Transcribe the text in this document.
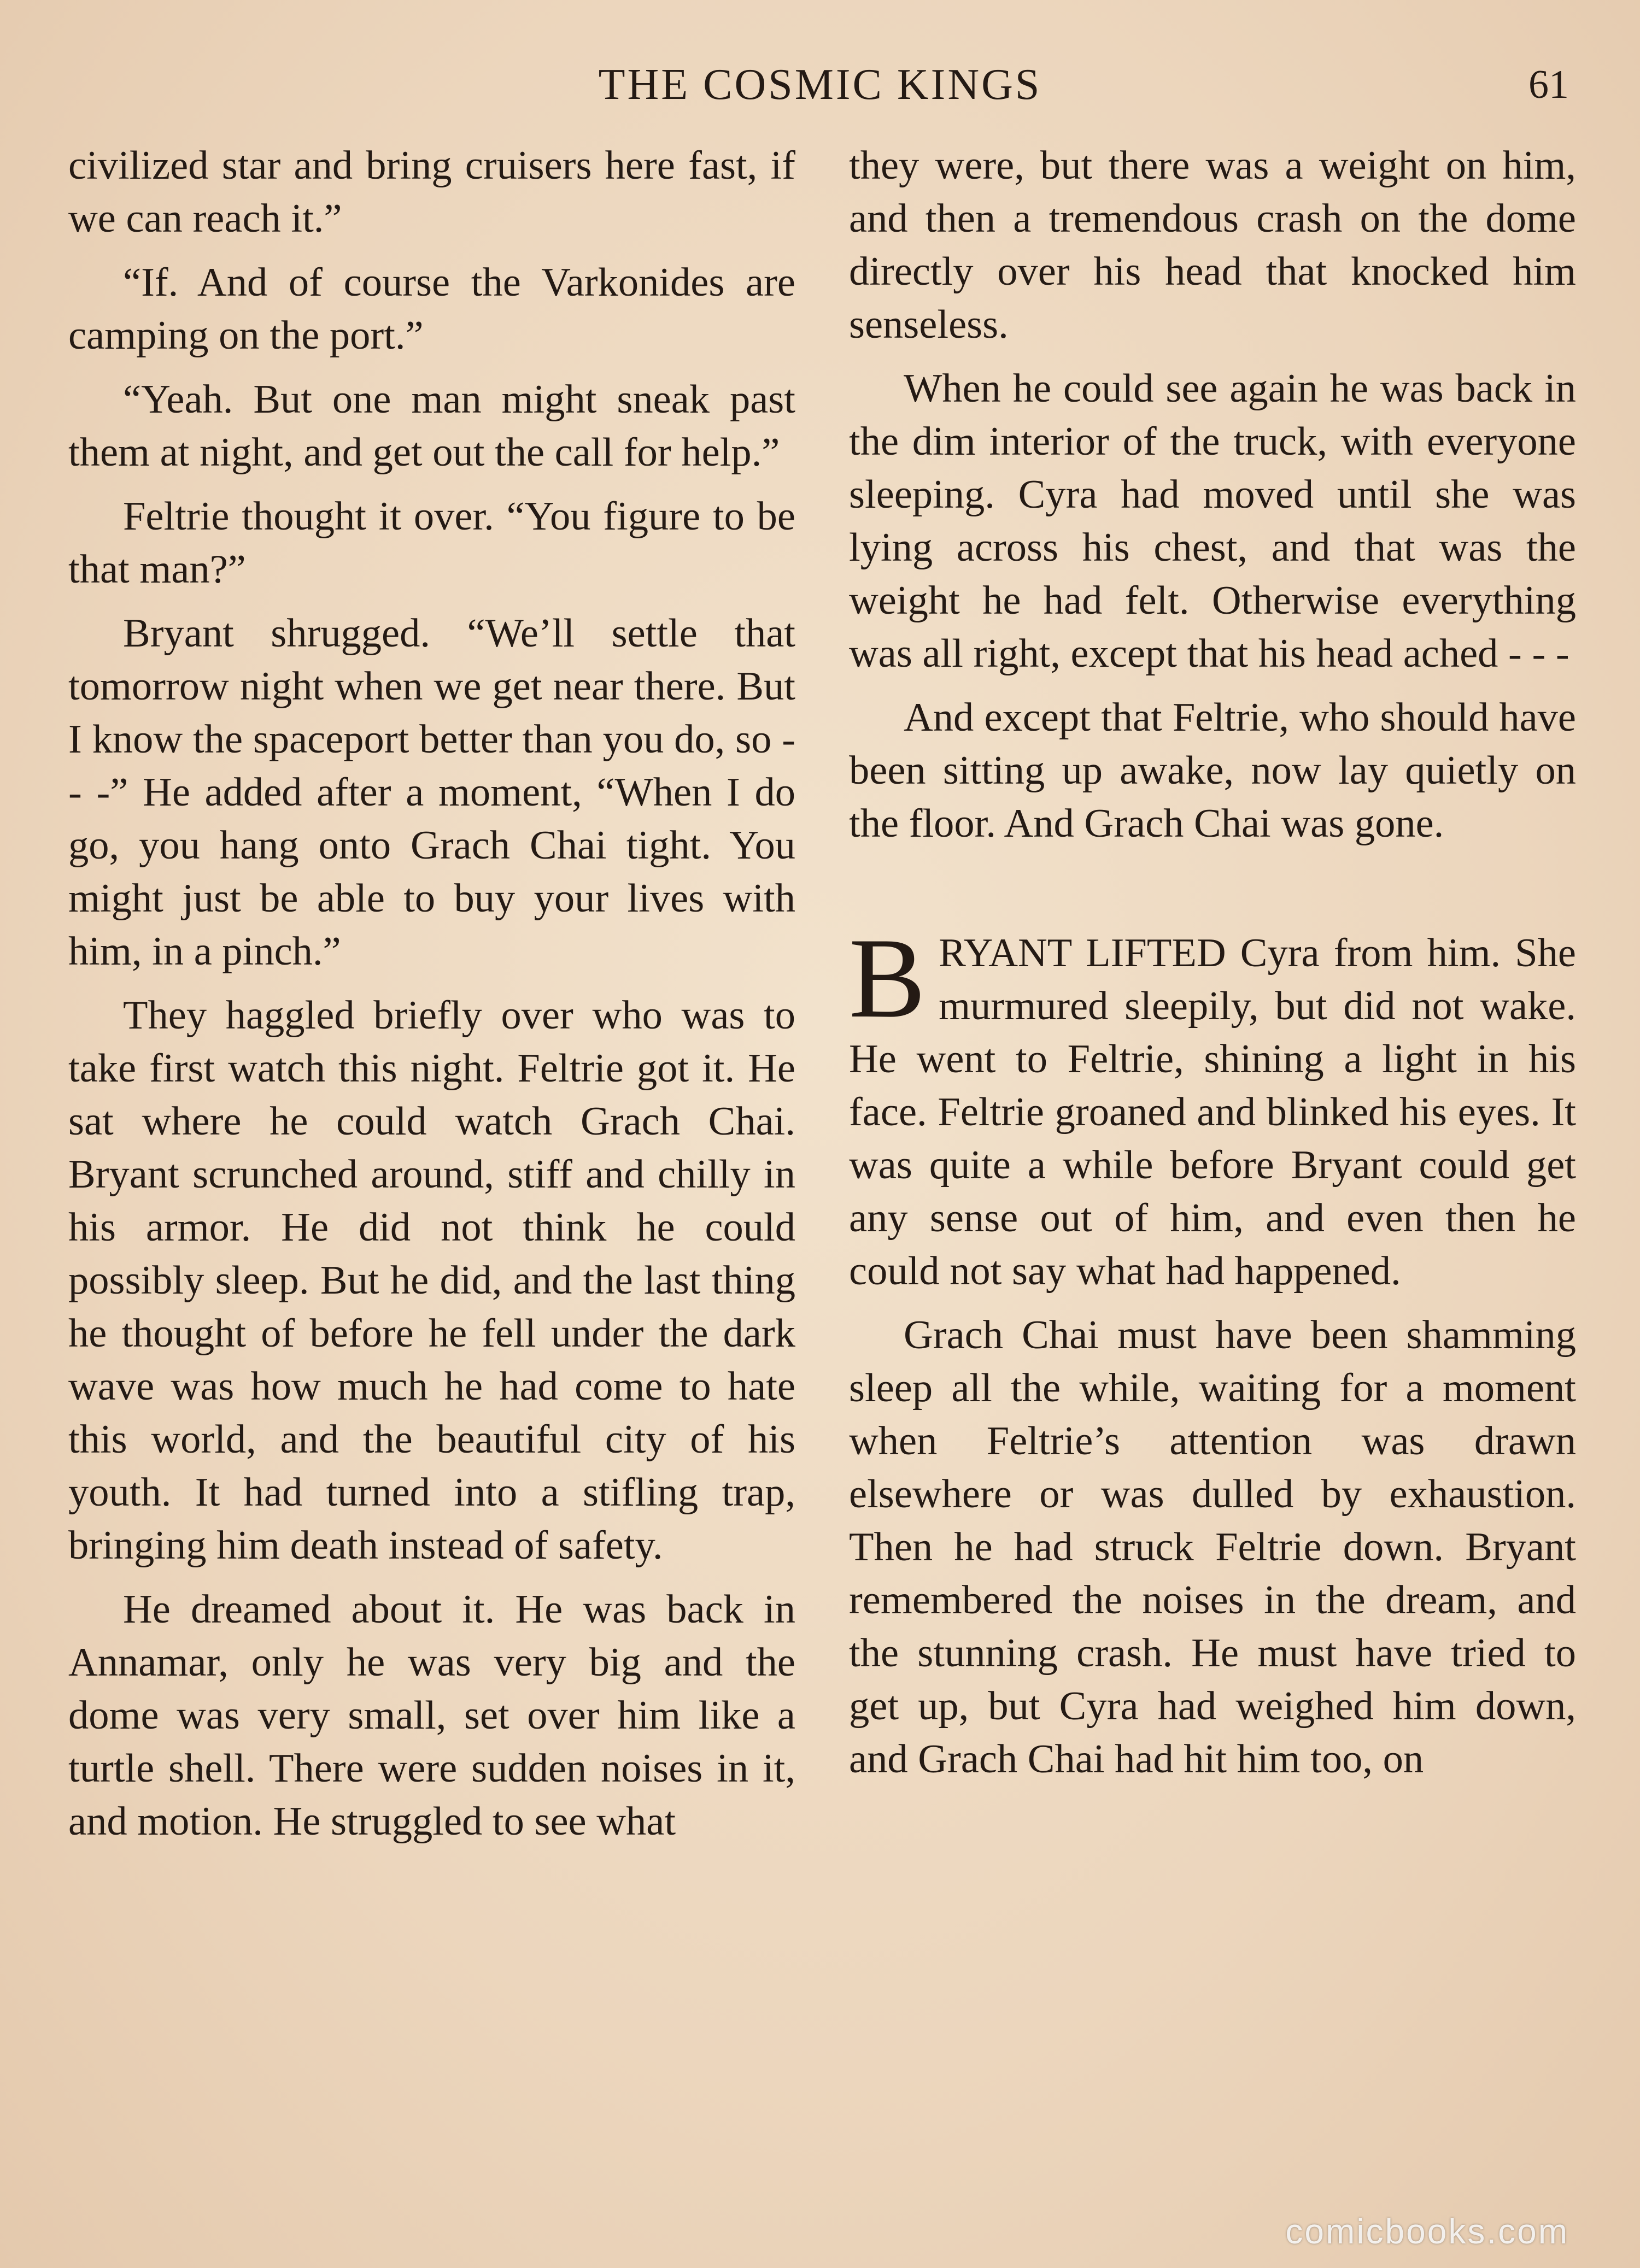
THE COSMIC KINGS	61

civilized star and bring cruisers here fast, if we can reach it.”

“If. And of course the Varkonides are camping on the port.”

“Yeah. But one man might sneak past them at night, and get out the call for help.”

Feltrie thought it over. “You figure to be that man?”

Bryant shrugged. “We’ll settle that tomorrow night when we get near there. But I know the spaceport better than you do, so - - -” He added after a moment, “When I do go, you hang onto Grach Chai tight. You might just be able to buy your lives with him, in a pinch.”

They haggled briefly over who was to take first watch this night. Feltrie got it. He sat where he could watch Grach Chai. Bryant scrunched around, stiff and chilly in his armor. He did not think he could possibly sleep. But he did, and the last thing he thought of before he fell under the dark wave was how much he had come to hate this world, and the beautiful city of his youth. It had turned into a stifling trap, bringing him death instead of safety.

He dreamed about it. He was back in Annamar, only he was very big and the dome was very small, set over him like a turtle shell. There were sudden noises in it, and motion. He struggled to see what

they were, but there was a weight on him, and then a tremendous crash on the dome directly over his head that knocked him senseless.

When he could see again he was back in the dim interior of the truck, with everyone sleeping. Cyra had moved until she was lying across his chest, and that was the weight he had felt. Otherwise everything was all right, except that his head ached - - -

And except that Feltrie, who should have been sitting up awake, now lay quietly on the floor. And Grach Chai was gone.

BRYANT LIFTED Cyra from him. She murmured sleepily, but did not wake. He went to Feltrie, shining a light in his face. Feltrie groaned and blinked his eyes. It was quite a while before Bryant could get any sense out of him, and even then he could not say what had happened.

Grach Chai must have been shamming sleep all the while, waiting for a moment when Feltrie’s attention was drawn elsewhere or was dulled by exhaustion. Then he had struck Feltrie down. Bryant remembered the noises in the dream, and the stunning crash. He must have tried to get up, but Cyra had weighed him down, and Grach Chai had hit him too, on

comicbooks.com
